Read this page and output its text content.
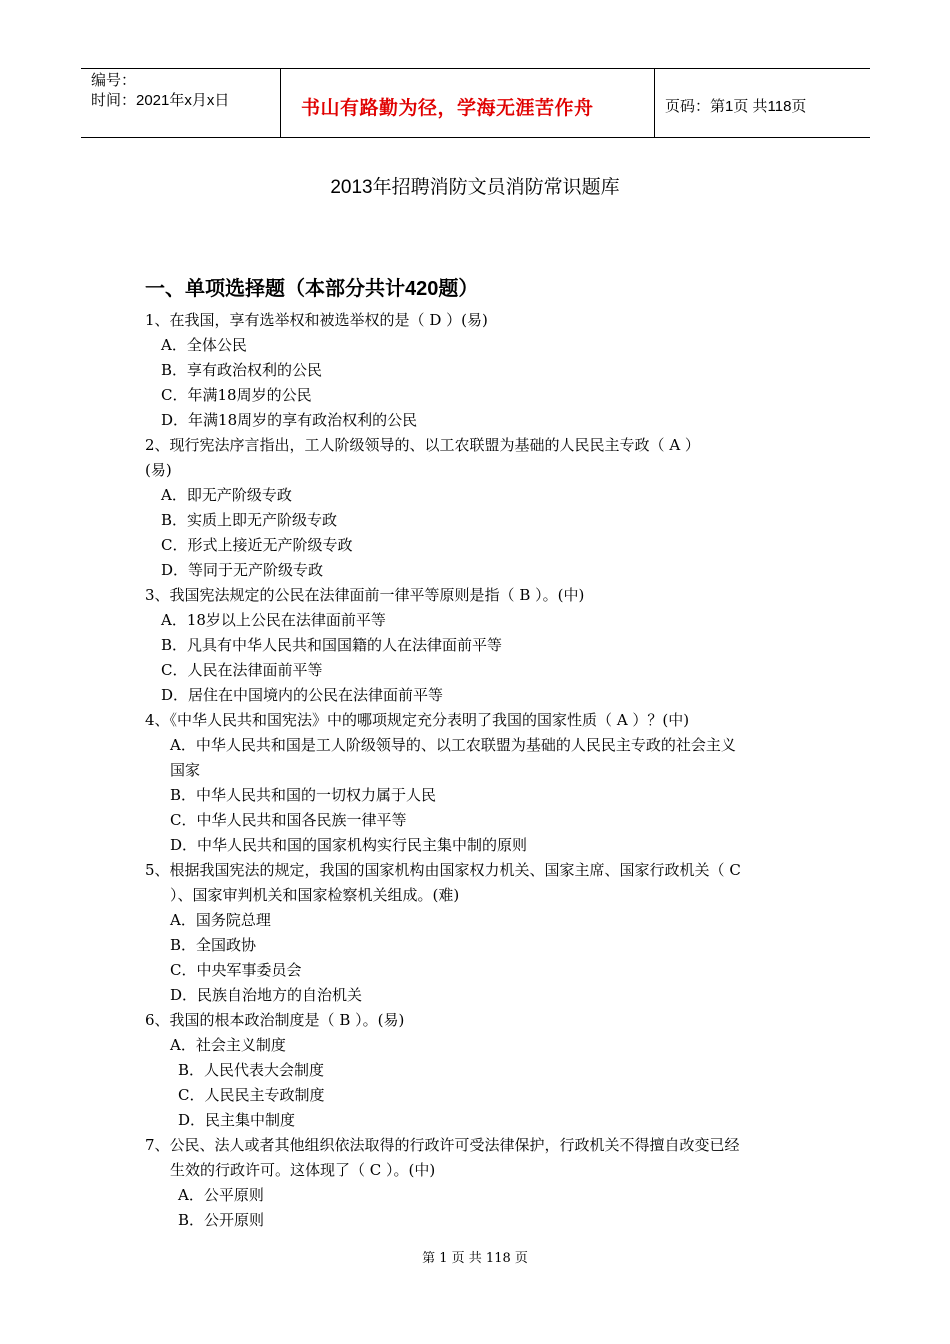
编号：
时间：2021年x月x日	书山有路勤为径，学海无涯苦作舟	页码：第1页 共118页
2013年招聘消防文员消防常识题库
一、单项选择题（本部分共计420题）
1、在我国，享有选举权和被选举权的是（ D ）(易)
A．全体公民
B．享有政治权利的公民
C．年满18周岁的公民
D．年满18周岁的享有政治权利的公民
2、现行宪法序言指出，工人阶级领导的、以工农联盟为基础的人民民主专政（ A ）
(易)
A．即无产阶级专政
B．实质上即无产阶级专政
C．形式上接近无产阶级专政
D．等同于无产阶级专政
3、我国宪法规定的公民在法律面前一律平等原则是指（ B ）。(中)
A．18岁以上公民在法律面前平等
B．凡具有中华人民共和国国籍的人在法律面前平等
C．人民在法律面前平等
D．居住在中国境内的公民在法律面前平等
4、《中华人民共和国宪法》中的哪项规定充分表明了我国的国家性质（ A ）？(中)
A．中华人民共和国是工人阶级领导的、以工农联盟为基础的人民民主专政的社会主义
国家
B．中华人民共和国的一切权力属于人民
C．中华人民共和国各民族一律平等
D．中华人民共和国的国家机构实行民主集中制的原则
5、根据我国宪法的规定，我国的国家机构由国家权力机关、国家主席、国家行政机关（ C
）、国家审判机关和国家检察机关组成。(难)
A．国务院总理
B．全国政协
C．中央军事委员会
D．民族自治地方的自治机关
6、我国的根本政治制度是（ B ）。(易)
A．社会主义制度
B．人民代表大会制度
C．人民民主专政制度
D．民主集中制度
7、公民、法人或者其他组织依法取得的行政许可受法律保护，行政机关不得擅自改变已经
生效的行政许可。这体现了（ C ）。(中)
A．公平原则
B．公开原则
第 1 页 共 118 页
